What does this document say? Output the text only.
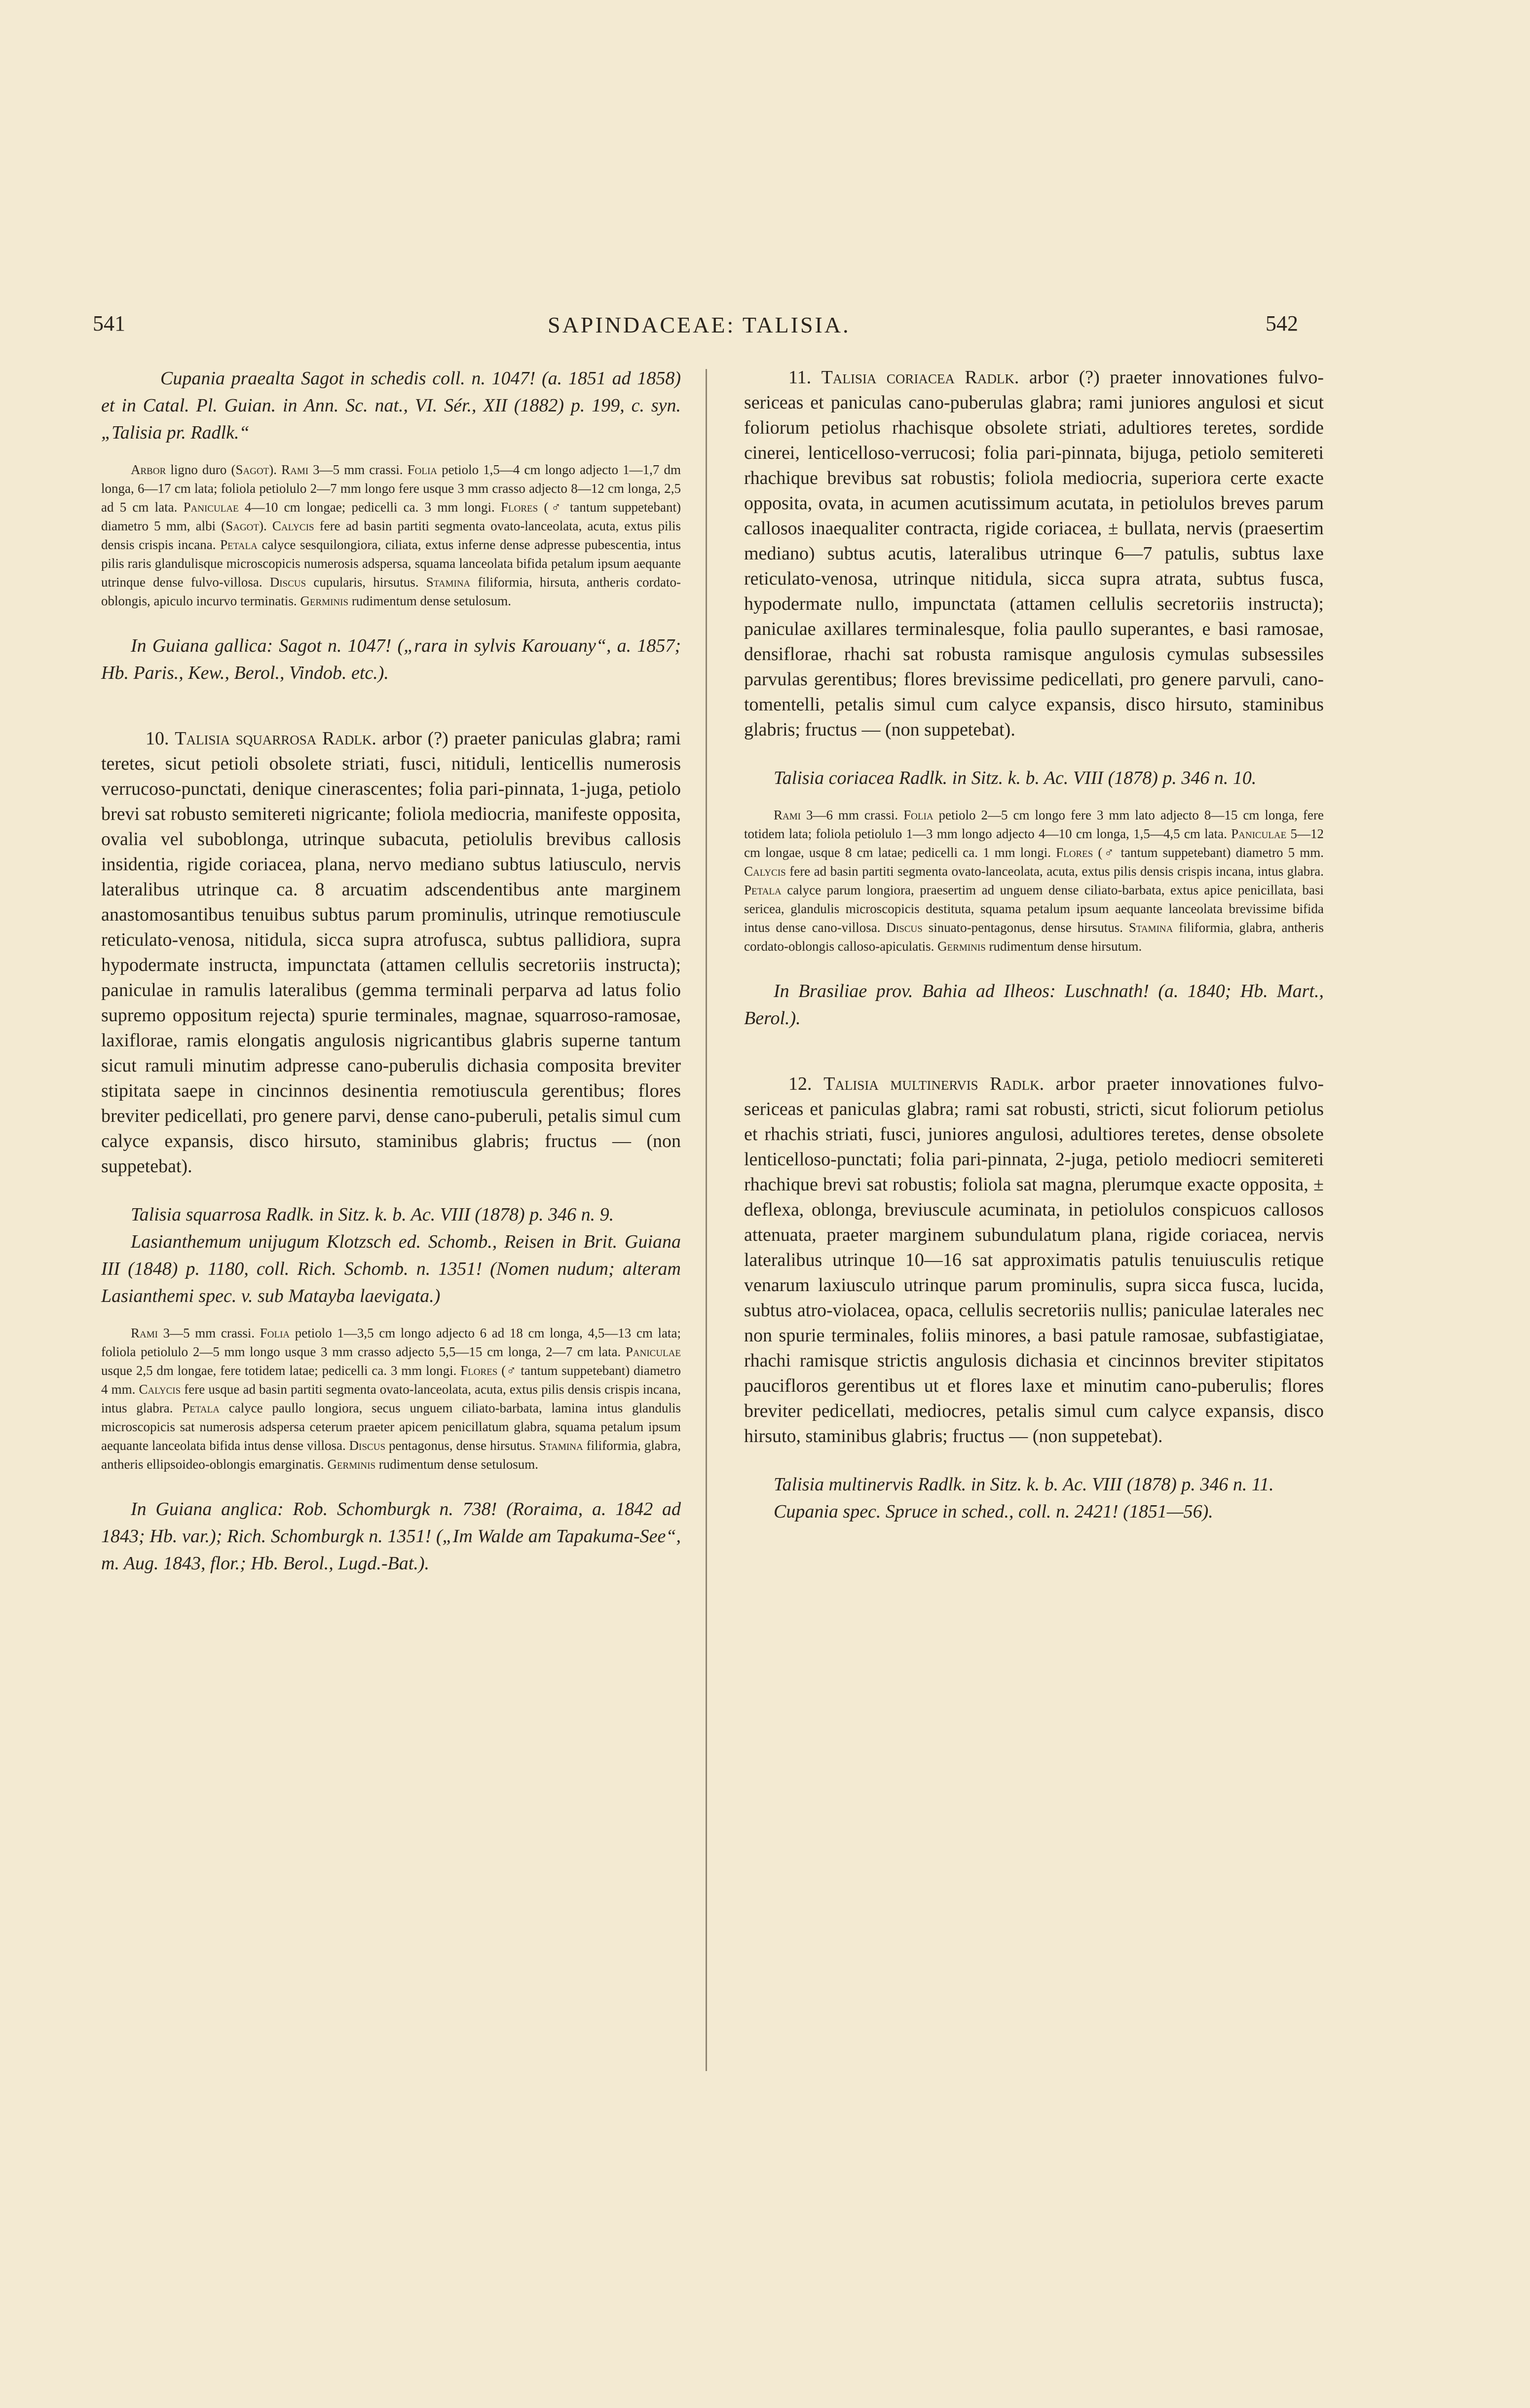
541	SAPINDACEAE: TALISIA.	542

Cupania praealta Sagot in schedis coll. n. 1047! (a. 1851 ad 1858) et in Catal. Pl. Guian. in Ann. Sc. nat., VI. Sér., XII (1882) p. 199, c. syn. „Talisia pr. Radlk.“

Arbor ligno duro (Sagot). Rami 3—5 mm crassi. Folia petiolo 1,5—4 cm longo adjecto 1—1,7 dm longa, 6—17 cm lata; foliola petiolulo 2—7 mm longo fere usque 3 mm crasso adjecto 8—12 cm longa, 2,5 ad 5 cm lata. Paniculae 4—10 cm longae; pedicelli ca. 3 mm longi. Flores (♂ tantum suppetebant) diametro 5 mm, albi (Sagot). Calycis fere ad basin partiti segmenta ovato-lanceolata, acuta, extus pilis densis crispis incana. Petala calyce sesquilongiora, ciliata, extus inferne dense adpresse pubescentia, intus pilis raris glandulisque microscopicis numerosis adspersa, squama lanceolata bifida petalum ipsum aequante utrinque dense fulvo-villosa. Discus cupularis, hirsutus. Stamina filiformia, hirsuta, antheris cordato-oblongis, apiculo incurvo terminatis. Germinis rudimentum dense setulosum.

In Guiana gallica: Sagot n. 1047! („rara in sylvis Karouany“, a. 1857; Hb. Paris., Kew., Berol., Vindob. etc.).

10. Talisia squarrosa Radlk. arbor (?) praeter paniculas glabra; rami teretes, sicut petioli obsolete striati, fusci, nitiduli, lenticellis numerosis verrucoso-punctati, denique cinerascentes; folia pari-pinnata, 1-juga, petiolo brevi sat robusto semitereti nigricante; foliola mediocria, manifeste opposita, ovalia vel suboblonga, utrinque subacuta, petiolulis brevibus callosis insidentia, rigide coriacea, plana, nervo mediano subtus latiusculo, nervis lateralibus utrinque ca. 8 arcuatim adscendentibus ante marginem anastomosantibus tenuibus subtus parum prominulis, utrinque remotiuscule reticulato-venosa, nitidula, sicca supra atrofusca, subtus pallidiora, supra hypodermate instructa, impunctata (attamen cellulis secretoriis instructa); paniculae in ramulis lateralibus (gemma terminali perparva ad latus folio supremo oppositum rejecta) spurie terminales, magnae, squarroso-ramosae, laxiflorae, ramis elongatis angulosis nigricantibus glabris superne tantum sicut ramuli minutim adpresse cano-puberulis dichasia composita breviter stipitata saepe in cincinnos desinentia remotiuscula gerentibus; flores breviter pedicellati, pro genere parvi, dense cano-puberuli, petalis simul cum calyce expansis, disco hirsuto, staminibus glabris; fructus — (non suppetebat).

Talisia squarrosa Radlk. in Sitz. k. b. Ac. VIII (1878) p. 346 n. 9.

Lasianthemum unijugum Klotzsch ed. Schomb., Reisen in Brit. Guiana III (1848) p. 1180, coll. Rich. Schomb. n. 1351! (Nomen nudum; alteram Lasianthemi spec. v. sub Matayba laevigata.)

Rami 3—5 mm crassi. Folia petiolo 1—3,5 cm longo adjecto 6 ad 18 cm longa, 4,5—13 cm lata; foliola petiolulo 2—5 mm longo usque 3 mm crasso adjecto 5,5—15 cm longa, 2—7 cm lata. Paniculae usque 2,5 dm longae, fere totidem latae; pedicelli ca. 3 mm longi. Flores (♂ tantum suppetebant) diametro 4 mm. Calycis fere usque ad basin partiti segmenta ovato-lanceolata, acuta, extus pilis densis crispis incana, intus glabra. Petala calyce paullo longiora, secus unguem ciliato-barbata, lamina intus glandulis microscopicis sat numerosis adspersa ceterum praeter apicem penicillatum glabra, squama petalum ipsum aequante lanceolata bifida intus dense villosa. Discus pentagonus, dense hirsutus. Stamina filiformia, glabra, antheris ellipsoideo-oblongis emarginatis. Germinis rudimentum dense setulosum.

In Guiana anglica: Rob. Schomburgk n. 738! (Roraima, a. 1842 ad 1843; Hb. var.); Rich. Schomburgk n. 1351! („Im Walde am Tapakuma-See“, m. Aug. 1843, flor.; Hb. Berol., Lugd.-Bat.).

11. Talisia coriacea Radlk. arbor (?) praeter innovationes fulvo-sericeas et paniculas cano-puberulas glabra; rami juniores angulosi et sicut foliorum petiolus rhachisque obsolete striati, adultiores teretes, sordide cinerei, lenticelloso-verrucosi; folia pari-pinnata, bijuga, petiolo semitereti rhachique brevibus sat robustis; foliola mediocria, superiora certe exacte opposita, ovata, in acumen acutissimum acutata, in petiolulos breves parum callosos inaequaliter contracta, rigide coriacea, ± bullata, nervis (praesertim mediano) subtus acutis, lateralibus utrinque 6—7 patulis, subtus laxe reticulato-venosa, utrinque nitidula, sicca supra atrata, subtus fusca, hypodermate nullo, impunctata (attamen cellulis secretoriis instructa); paniculae axillares terminalesque, folia paullo superantes, e basi ramosae, densiflorae, rhachi sat robusta ramisque angulosis cymulas subsessiles parvulas gerentibus; flores brevissime pedicellati, pro genere parvuli, cano-tomentelli, petalis simul cum calyce expansis, disco hirsuto, staminibus glabris; fructus — (non suppetebat).

Talisia coriacea Radlk. in Sitz. k. b. Ac. VIII (1878) p. 346 n. 10.

Rami 3—6 mm crassi. Folia petiolo 2—5 cm longo fere 3 mm lato adjecto 8—15 cm longa, fere totidem lata; foliola petiolulo 1—3 mm longo adjecto 4—10 cm longa, 1,5—4,5 cm lata. Paniculae 5—12 cm longae, usque 8 cm latae; pedicelli ca. 1 mm longi. Flores (♂ tantum suppetebant) diametro 5 mm. Calycis fere ad basin partiti segmenta ovato-lanceolata, acuta, extus pilis densis crispis incana, intus glabra. Petala calyce parum longiora, praesertim ad unguem dense ciliato-barbata, extus apice penicillata, basi sericea, glandulis microscopicis destituta, squama petalum ipsum aequante lanceolata brevissime bifida intus dense cano-villosa. Discus sinuato-pentagonus, dense hirsutus. Stamina filiformia, glabra, antheris cordato-oblongis calloso-apiculatis. Germinis rudimentum dense hirsutum.

In Brasiliae prov. Bahia ad Ilheos: Luschnath! (a. 1840; Hb. Mart., Berol.).

12. Talisia multinervis Radlk. arbor praeter innovationes fulvo-sericeas et paniculas glabra; rami sat robusti, stricti, sicut foliorum petiolus et rhachis striati, fusci, juniores angulosi, adultiores teretes, dense obsolete lenticelloso-punctati; folia pari-pinnata, 2-juga, petiolo mediocri semitereti rhachique brevi sat robustis; foliola sat magna, plerumque exacte opposita, ± deflexa, oblonga, breviuscule acuminata, in petiolulos conspicuos callosos attenuata, praeter marginem subundulatum plana, rigide coriacea, nervis lateralibus utrinque 10—16 sat approximatis patulis tenuiusculis retique venarum laxiusculo utrinque parum prominulis, supra sicca fusca, lucida, subtus atro-violacea, opaca, cellulis secretoriis nullis; paniculae laterales nec non spurie terminales, foliis minores, a basi patule ramosae, subfastigiatae, rhachi ramisque strictis angulosis dichasia et cincinnos breviter stipitatos paucifloros gerentibus ut et flores laxe et minutim cano-puberulis; flores breviter pedicellati, mediocres, petalis simul cum calyce expansis, disco hirsuto, staminibus glabris; fructus — (non suppetebat).

Talisia multinervis Radlk. in Sitz. k. b. Ac. VIII (1878) p. 346 n. 11.

Cupania spec. Spruce in sched., coll. n. 2421! (1851—56).
